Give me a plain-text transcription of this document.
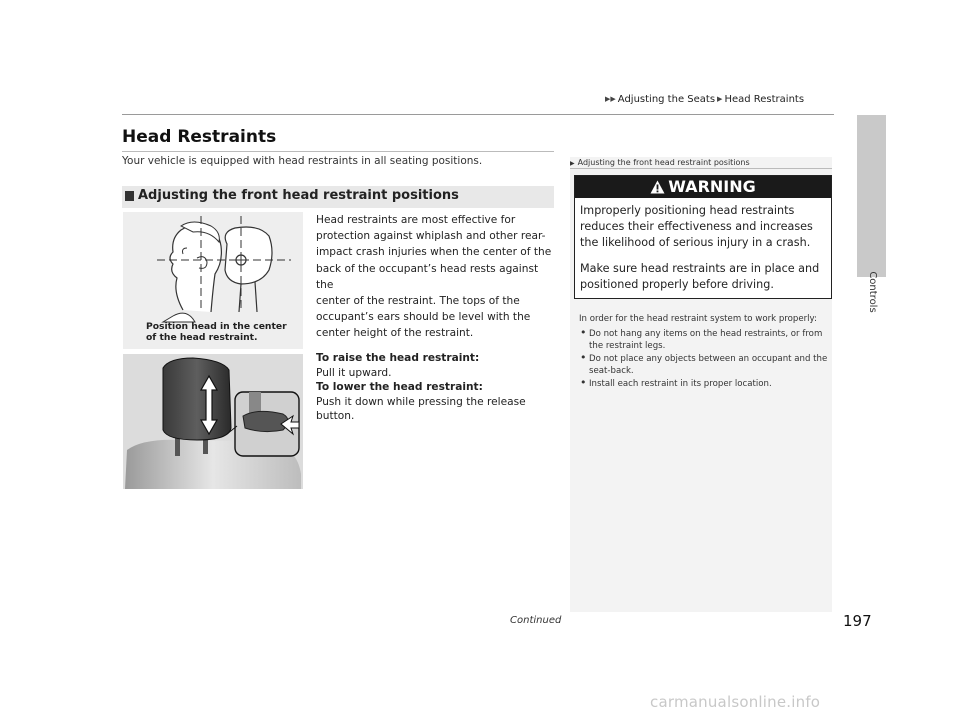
▶▶ Adjusting the Seats ▶ Head Restraints
Controls
Head Restraints
Your vehicle is equipped with head restraints in all seating positions.
Adjusting the front head restraint positions
Position head in the center
of the head restraint.

Head restraints are most effective for

protection against whiplash and other rear-

impact crash injuries when the center of the

back of the occupant’s head rests against the

center of the restraint. The tops of the

occupant’s ears should be level with the

center height of the restraint.

To raise the head restraint:
Pull it upward.
To lower the head restraint:
Push it down while pressing the release
button.
▶ Adjusting the front head restraint positions
WARNING

Improperly positioning head restraints reduces their effectiveness and increases the likelihood of serious injury in a crash.

Make sure head restraints are in place and positioned properly before driving.

In order for the head restraint system to work properly:

• Do not hang any items on the head restraints, or from the restraint legs.
• Do not place any objects between an occupant and the seat-back.
• Install each restraint in its proper location.
Continued	197
carmanualsonline.info
